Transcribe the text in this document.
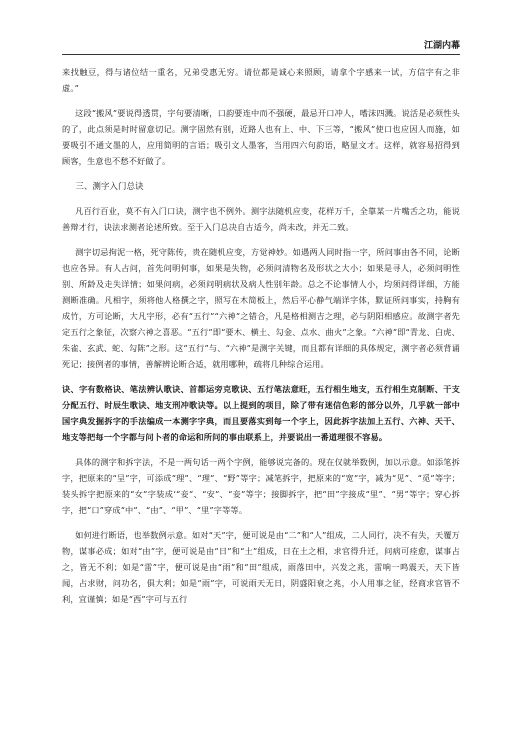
江湖内幕

来找触豆，得与诸位结一重名，兄弟受惠无穷。请位都是诚心来照顾，请拿个字感来一试，方信字有之非虚。”

这段“搬风”要说得透贯，字句要清晰，口韵要连中而不强硬，最忌开口冲人，嗜沫四溅。说活是必须性头的了，此点须是时时留意切记。测字固然有别，近路人也有上、中、下三等，“搬风”使口也应因人而施，如要吸引不通文墨的人，应用简明的言语；吸引文人墨客，当用四六句韵语，略显文才。这样，就容易招得到顾客，生意也不愁不好做了。

三、测字入门总诀

凡百行百业，莫不有入门口诀，测字也不例外。测字法随机应变，花样万千，全靠某一片嘴舌之功，能说善辩才行，诀法求测者论述所致。至于入门总决自古适今，尚未改，并无二致。

测字切忌拘泥一格，死守陈传，贵在随机应变，方觉神妙。如遇两人同时指一字，所问事由各不同，论断也应各异。有人占问，首先问明何事，如果是失物，必须问清物名及形状之大小；如果是寻人，必须问明性别、所龄及走失详情；如果问病，必须问明病状及病人性别年龄。总之不论事情人小，均须问得详细，方能测断准确。凡相字，须将他人格撰之字，照写在木简板上，然后平心静气端详字体，默证所问事实，持胸有成竹，方可论断，大凡字形，必有“五行”“六神”之错合，凡是格相测吉之理，必与阴阳相感应。故测字者先定五行之象征，次察六神之喜恶。“五行”即“要木、横土、勾金、点水、曲火”之象。“六神”即“青龙、白虎、朱雀、玄武、蛇、勾陈”之形。这“五行”与、“六神”是测字关键，而且都有详细的具体规定，测字者必须背诵死记；接例者的事情，善解辨论断合适，就用哪种，疏将几种综合运用。

诀、字有数格诀、笔法辨认歌诀、首都运旁克歌诀、五行笔法意旺，五行相生地支，五行相生克制断、干支分配五行、时辰生歌诀、地支刑冲歌诀等。以上提到的项目，除了带有迷信色彩的部分以外，几乎就一部中国字典发掘拆字的手法编成一本测字字典，而且要落实到每一个字上，因此拆字法加上五行、六神、天干、地支等把每一个字都与问卜者的命运和所问的事由联系上，并要说出一番道理很不容易。

具体的测字和拆字法，不是一两句话一两个字例，能够说完备的。现在仅就举数例，加以示意。如添笔拆字，把原来的“呈”字，可添成“理”、“理”、“野”等字；减笔拆字，把原来的“宽”字，减为“见”、“觅”等字；装头拆字把原来的“女”字装成‘“妾”、“安”、“妾”等字；接脚拆字，把“田”字接成“里”、“男”等字；穿心拆字，把“口”穿成“中”、“由”、“甲”、“里”字等等。

如何进行断语，也举数例示意。如对“天”字，便可说是由“二”和“人”组成，二人同行，决不有失，天覆万物，谋事必成；如对“由”字，便可说是由“日”和“土”组成，日在土之相，求官得升迁，问病可痊愈，谋事占之，皆无不利；如是“雷”字，便可说是由“雨”和“田”组成，雨落田中，兴发之兆，雷响一鸣震天，天下皆闻，占求财，问功名，俱大利；如是“雨”字，可说雨天无日，阴盛阳衰之兆，小人用事之征，经商求官皆不利，宜谨慎；如是“西”字可与五行
